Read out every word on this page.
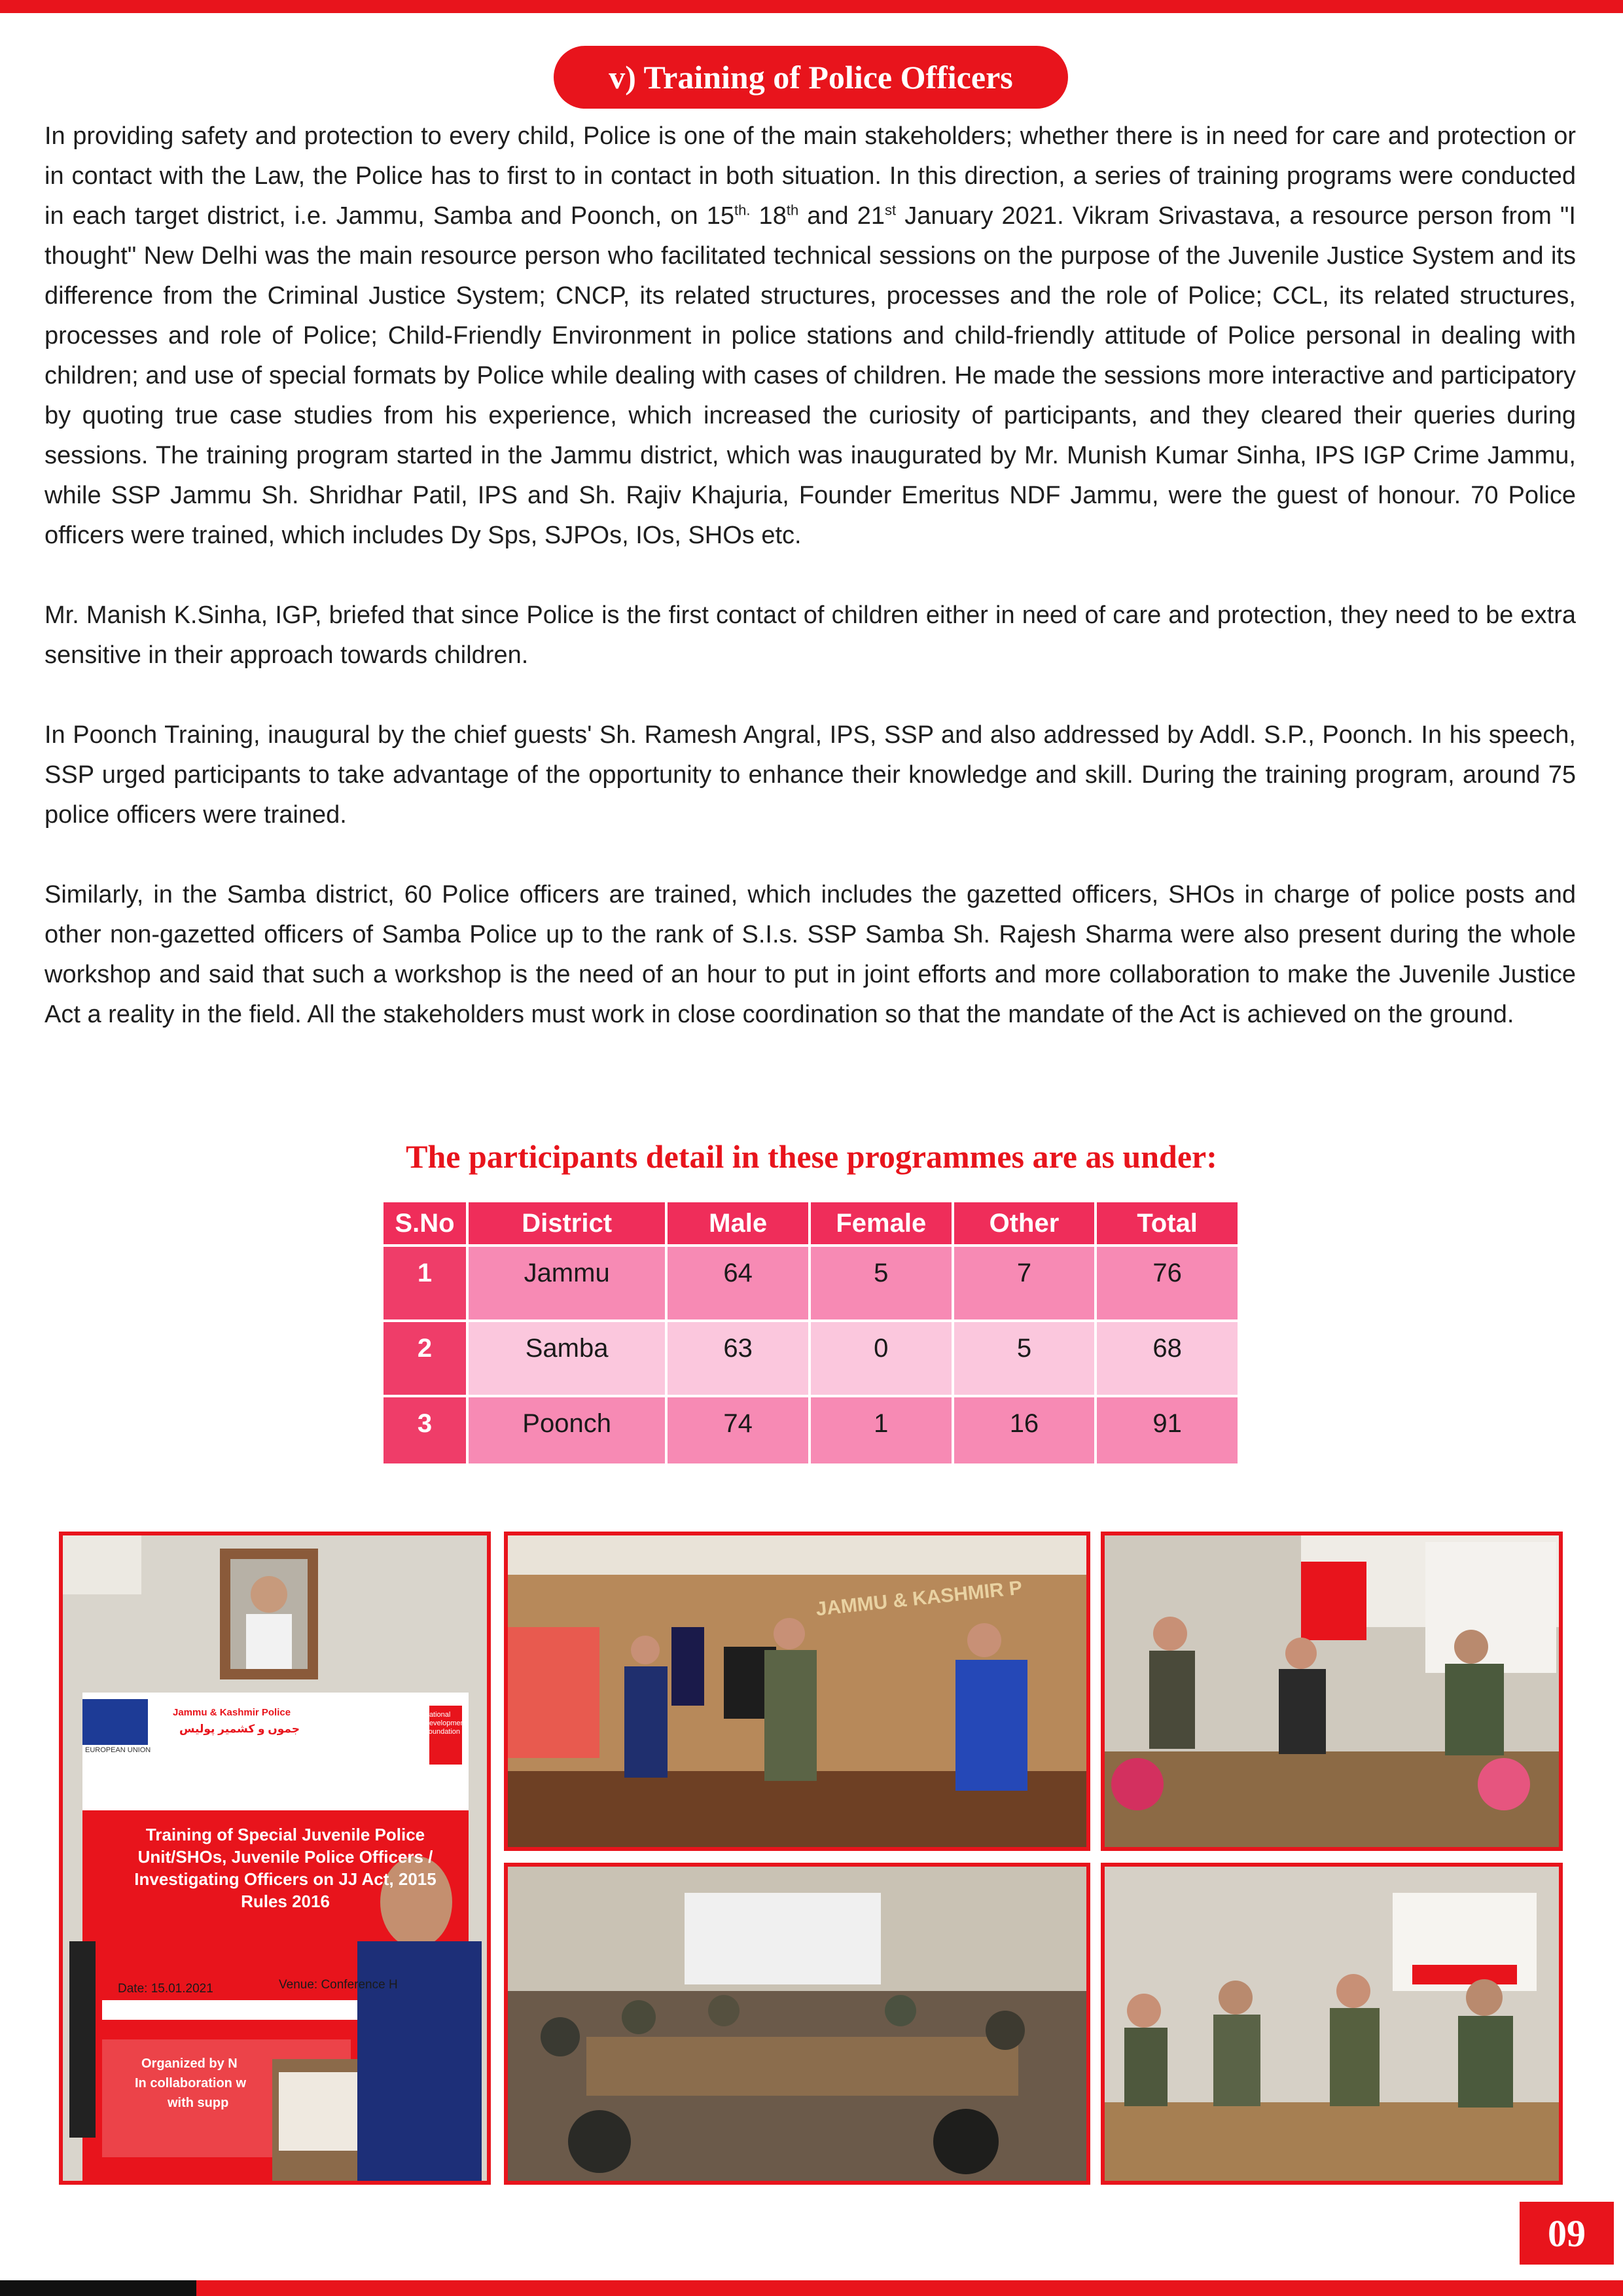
v) Training of Police Officers

In providing safety and protection to every child, Police is one of the main stakeholders; whether there is in need for care and protection or in contact with the Law, the Police has to first to in contact in both situation. In this direction, a series of training programs were conducted in each target district, i.e. Jammu, Samba and Poonch, on $15^{th.}$ 18th and 21st January 2021. Vikram Srivastava, a resource person from "I thought" New Delhi was the main resource person who facilitated technical sessions on the purpose of the Juvenile Justice System and its difference from the Criminal Justice System; CNCP, its related structures, processes and the role of Police; CCL, its related structures, processes and role of Police; Child-Friendly Environment in police stations and child-friendly attitude of Police personal in dealing with children; and use of special formats by Police while dealing with cases of children. He made the sessions more interactive and participatory by quoting true case studies from his experience, which increased the curiosity of participants, and they cleared their queries during sessions. The training program started in the Jammu district, which was inaugurated by Mr. Munish Kumar Sinha, IPS IGP Crime Jammu, while SSP Jammu Sh. Shridhar Patil, IPS and Sh. Rajiv Khajuria, Founder Emeritus NDF Jammu, were the guest of honour. 70 Police officers were trained, which includes Dy Sps, SJPOs, IOs, SHOs etc.

Mr. Manish K.Sinha, IGP, briefed that since Police is the first contact of children either in need of care and protection, they need to be extra sensitive in their approach towards children.

In Poonch Training, inaugural by the chief guests' Sh. Ramesh Angral, IPS, SSP and also addressed by Addl. S.P., Poonch. In his speech, SSP urged participants to take advantage of the opportunity to enhance their knowledge and skill. During the training program, around 75 police officers were trained.

Similarly, in the Samba district, 60 Police officers are trained, which includes the gazetted officers, SHOs in charge of police posts and other non-gazetted officers of Samba Police up to the rank of S.I.s. SSP Samba Sh. Rajesh Sharma were also present during the whole workshop and said that such a workshop is the need of an hour to put in joint efforts and more collaboration to make the Juvenile Justice Act a reality in the field. All the stakeholders must work in close coordination so that the mandate of the Act is achieved on the ground.

The participants detail in these programmes are as under:
S.No	District	Male	Female	Other	Total
1	Jammu	64	5	7	76
2	Samba	63	0	5	68
3	Poonch	74	1	16	91
EUROPEAN UNION
Jammu & Kashmir Police
جموں و کشمیر پولیس
National Development Foundation
Training of Special Juvenile Police Unit/SHOs, Juvenile Police Officers / Investigating Officers on JJ Act, 2015 Rules 2016
Date: 15.01.2021	Venue: Conference H
Organized by N
In collaboration w
with supp
JAMMU & KASHMIR P
09
